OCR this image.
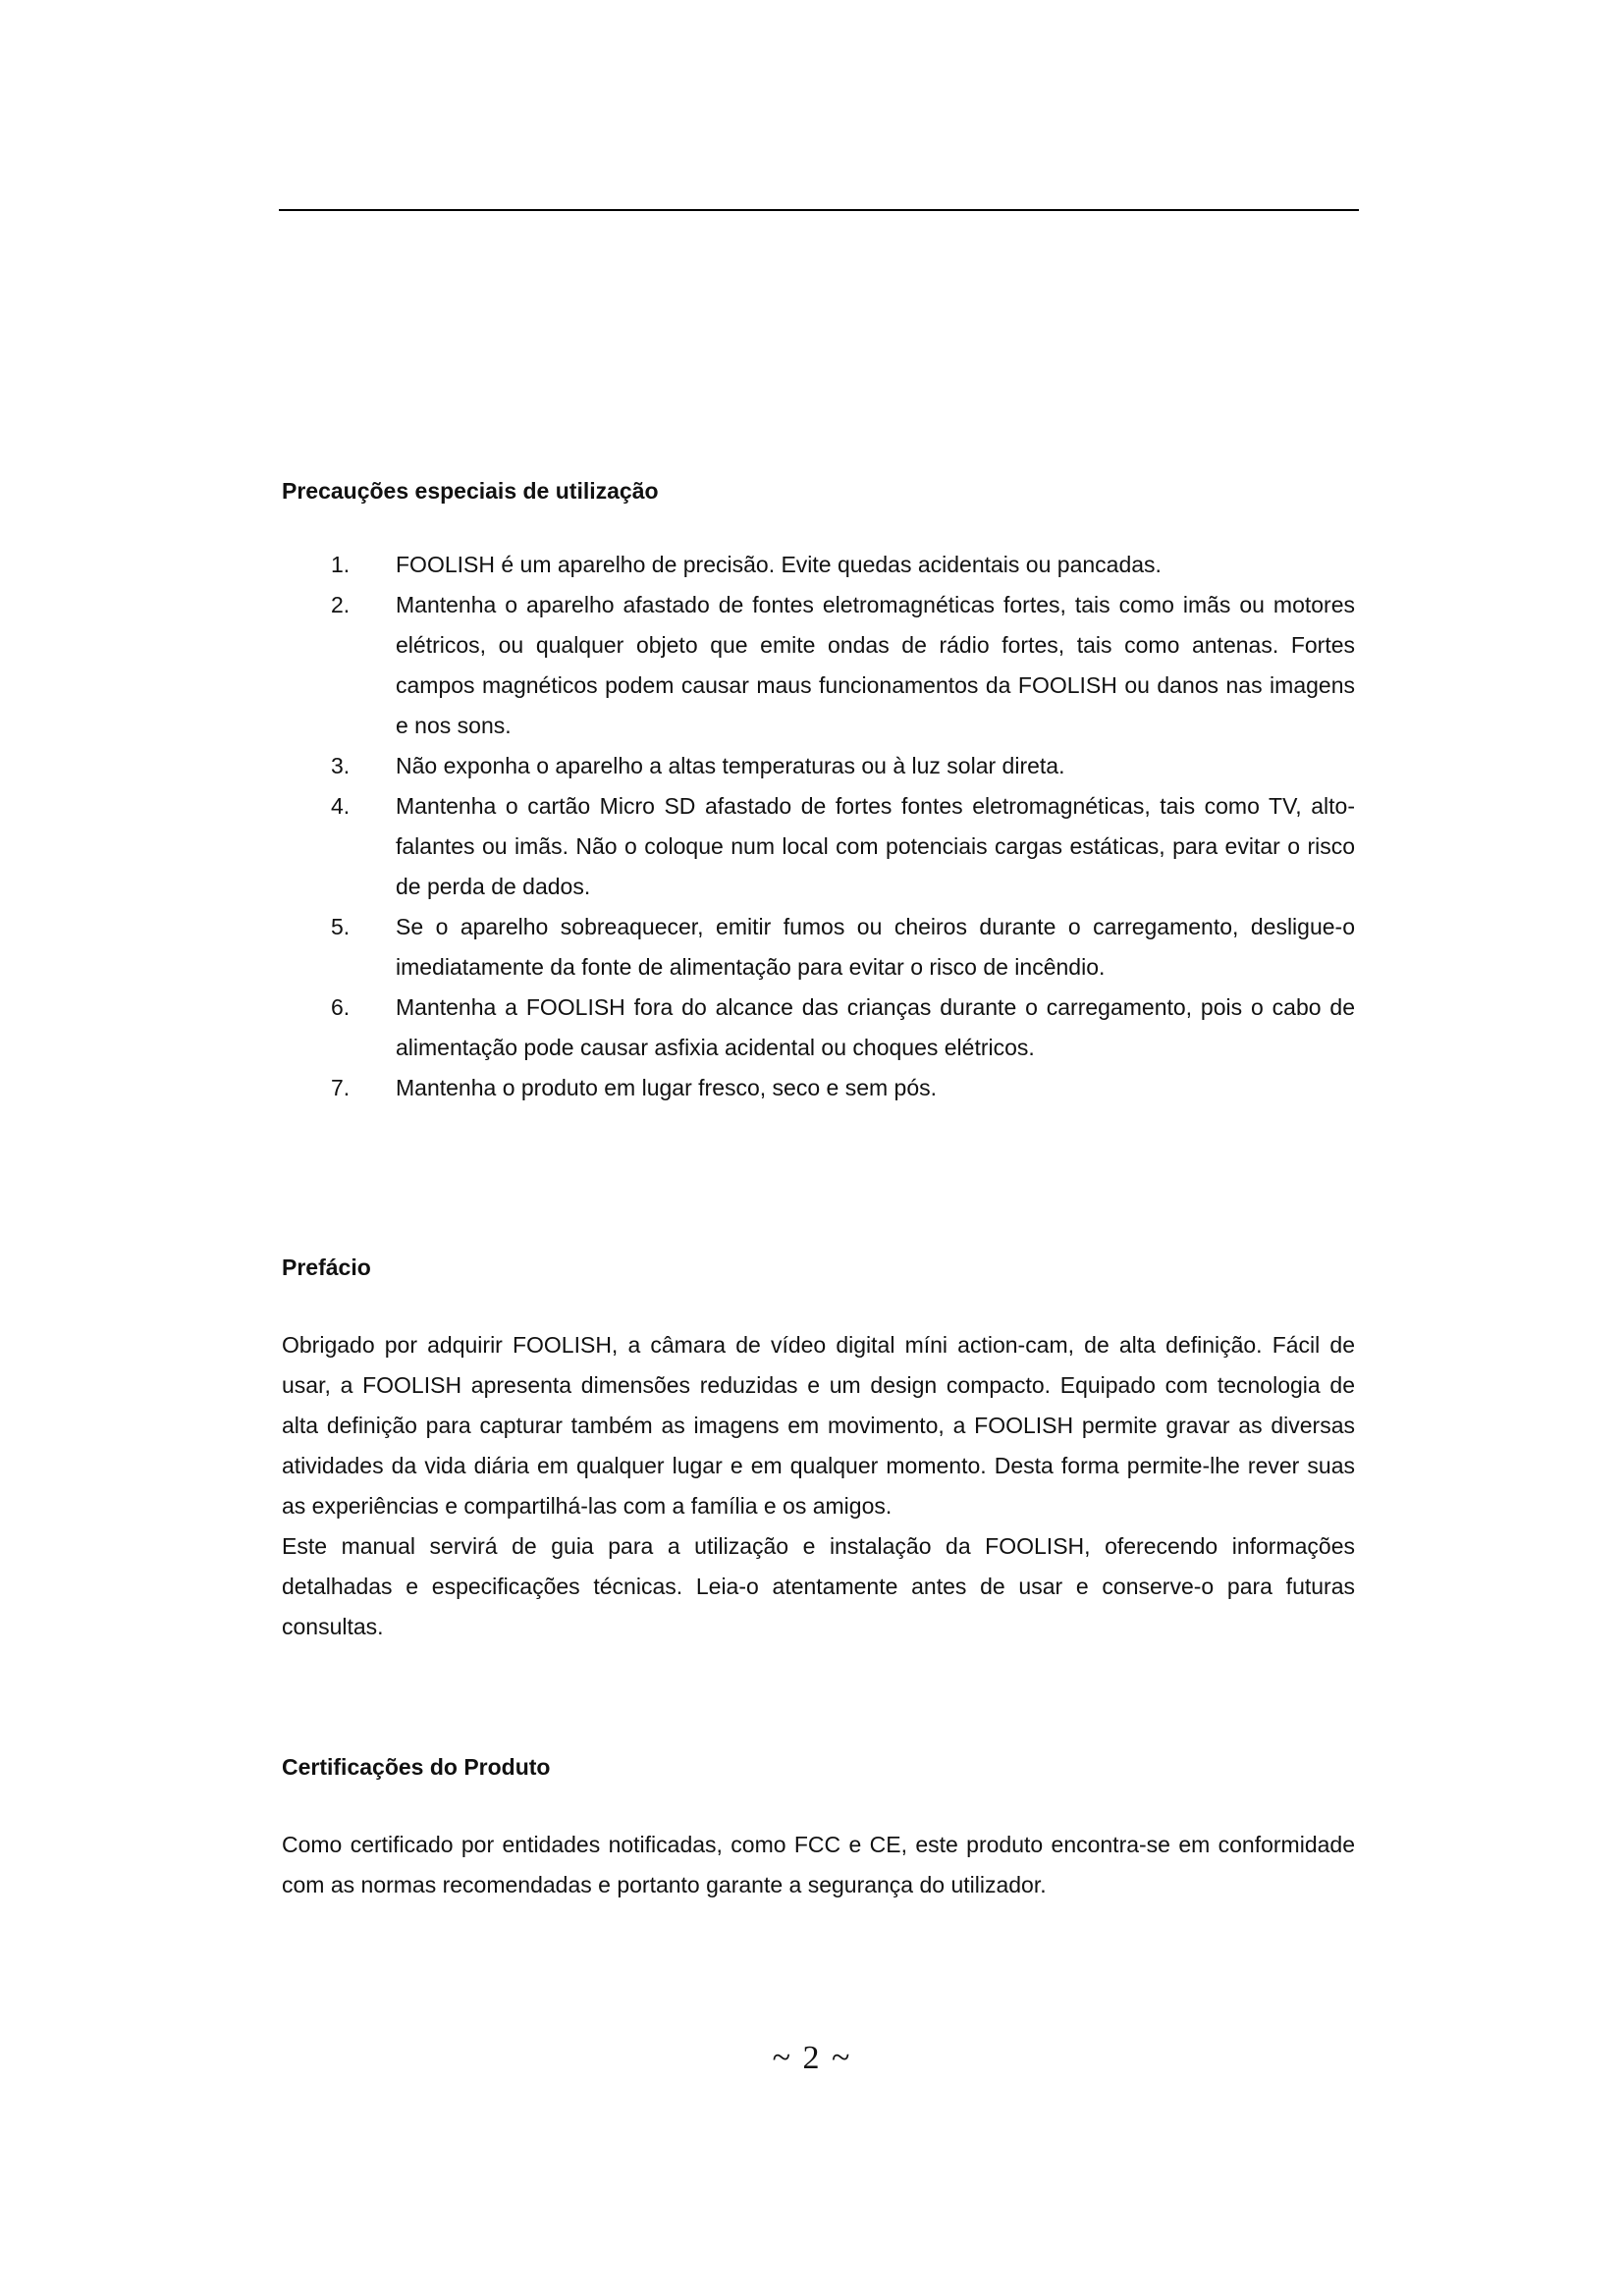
Precauções especiais de utilização
1.	FOOLISH é um aparelho de precisão. Evite quedas acidentais ou pancadas.
2.	Mantenha o aparelho afastado de fontes eletromagnéticas fortes, tais como imãs ou motores elétricos, ou qualquer objeto que emite ondas de rádio fortes, tais como antenas. Fortes campos magnéticos podem causar maus funcionamentos da FOOLISH ou danos nas imagens e nos sons.
3.	Não exponha o aparelho a altas temperaturas ou à luz solar direta.
4.	Mantenha o cartão Micro SD afastado de fortes fontes eletromagnéticas, tais como TV, alto-falantes ou imãs. Não o coloque num local com potenciais cargas estáticas, para evitar o risco de perda de dados.
5.	Se o aparelho sobreaquecer, emitir fumos ou cheiros durante o carregamento, desligue-o imediatamente da fonte de alimentação para evitar o risco de incêndio.
6.	Mantenha a FOOLISH fora do alcance das crianças durante o carregamento, pois o cabo de alimentação pode causar asfixia acidental ou choques elétricos.
7.	Mantenha o produto em lugar fresco, seco e sem pós.
Prefácio

Obrigado por adquirir FOOLISH, a câmara de vídeo digital míni action-cam, de alta definição. Fácil de usar, a FOOLISH apresenta dimensões reduzidas e um design compacto. Equipado com tecnologia de alta definição para capturar também as imagens em movimento, a FOOLISH permite gravar as diversas atividades da vida diária em qualquer lugar e em qualquer momento. Desta forma permite-lhe rever suas as experiências e compartilhá-las com a família e os amigos.

Este manual servirá de guia para a utilização e instalação da FOOLISH, oferecendo informações detalhadas e especificações técnicas. Leia-o atentamente antes de usar e conserve-o para futuras consultas.

Certificações do Produto

Como certificado por entidades notificadas, como FCC e CE, este produto encontra-se em conformidade com as normas recomendadas e portanto garante a segurança do utilizador.

~ 2 ~
